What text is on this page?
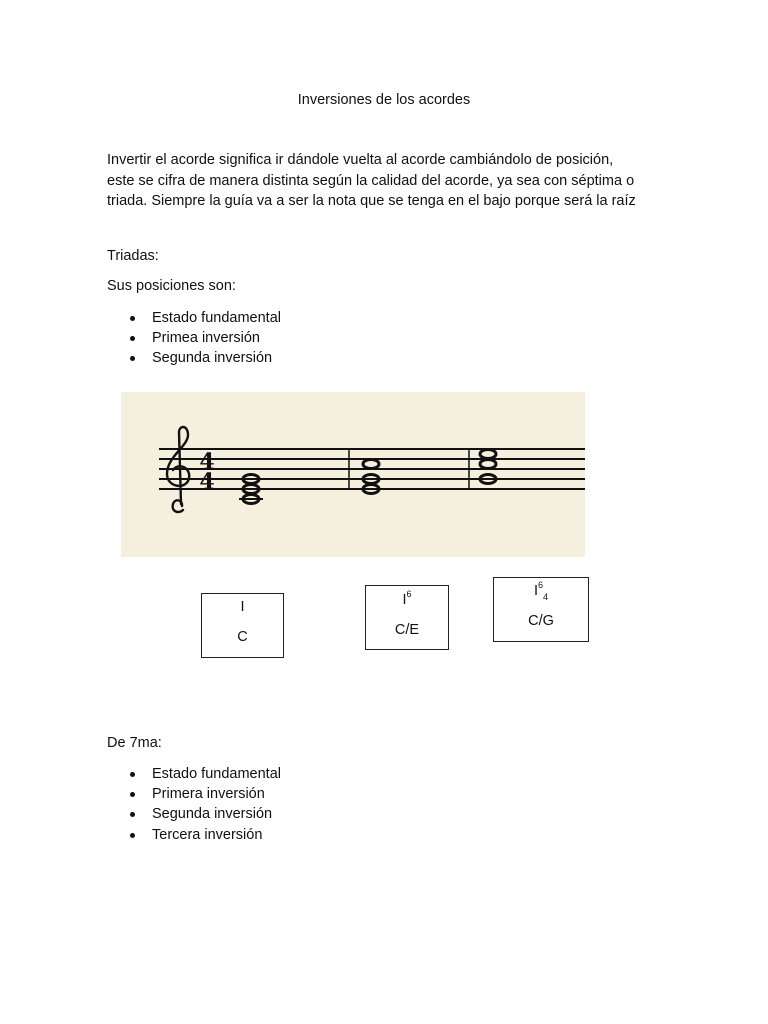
Inversiones de los acordes

Invertir el acorde significa ir dándole vuelta al acorde cambiándolo de posición,

este se cifra de manera distinta según la calidad del acorde, ya sea con séptima o

triada. Siempre la guía va a ser la nota que se tenga en el bajo porque será la raíz

Triadas:

Sus posiciones son:

Estado fundamental
Primea inversión
Segunda inversión
4
4
I
C
$I^6$
C/E
$I^6_4$
C/G

De 7ma:

Estado fundamental
Primera inversión
Segunda inversión
Tercera inversión
